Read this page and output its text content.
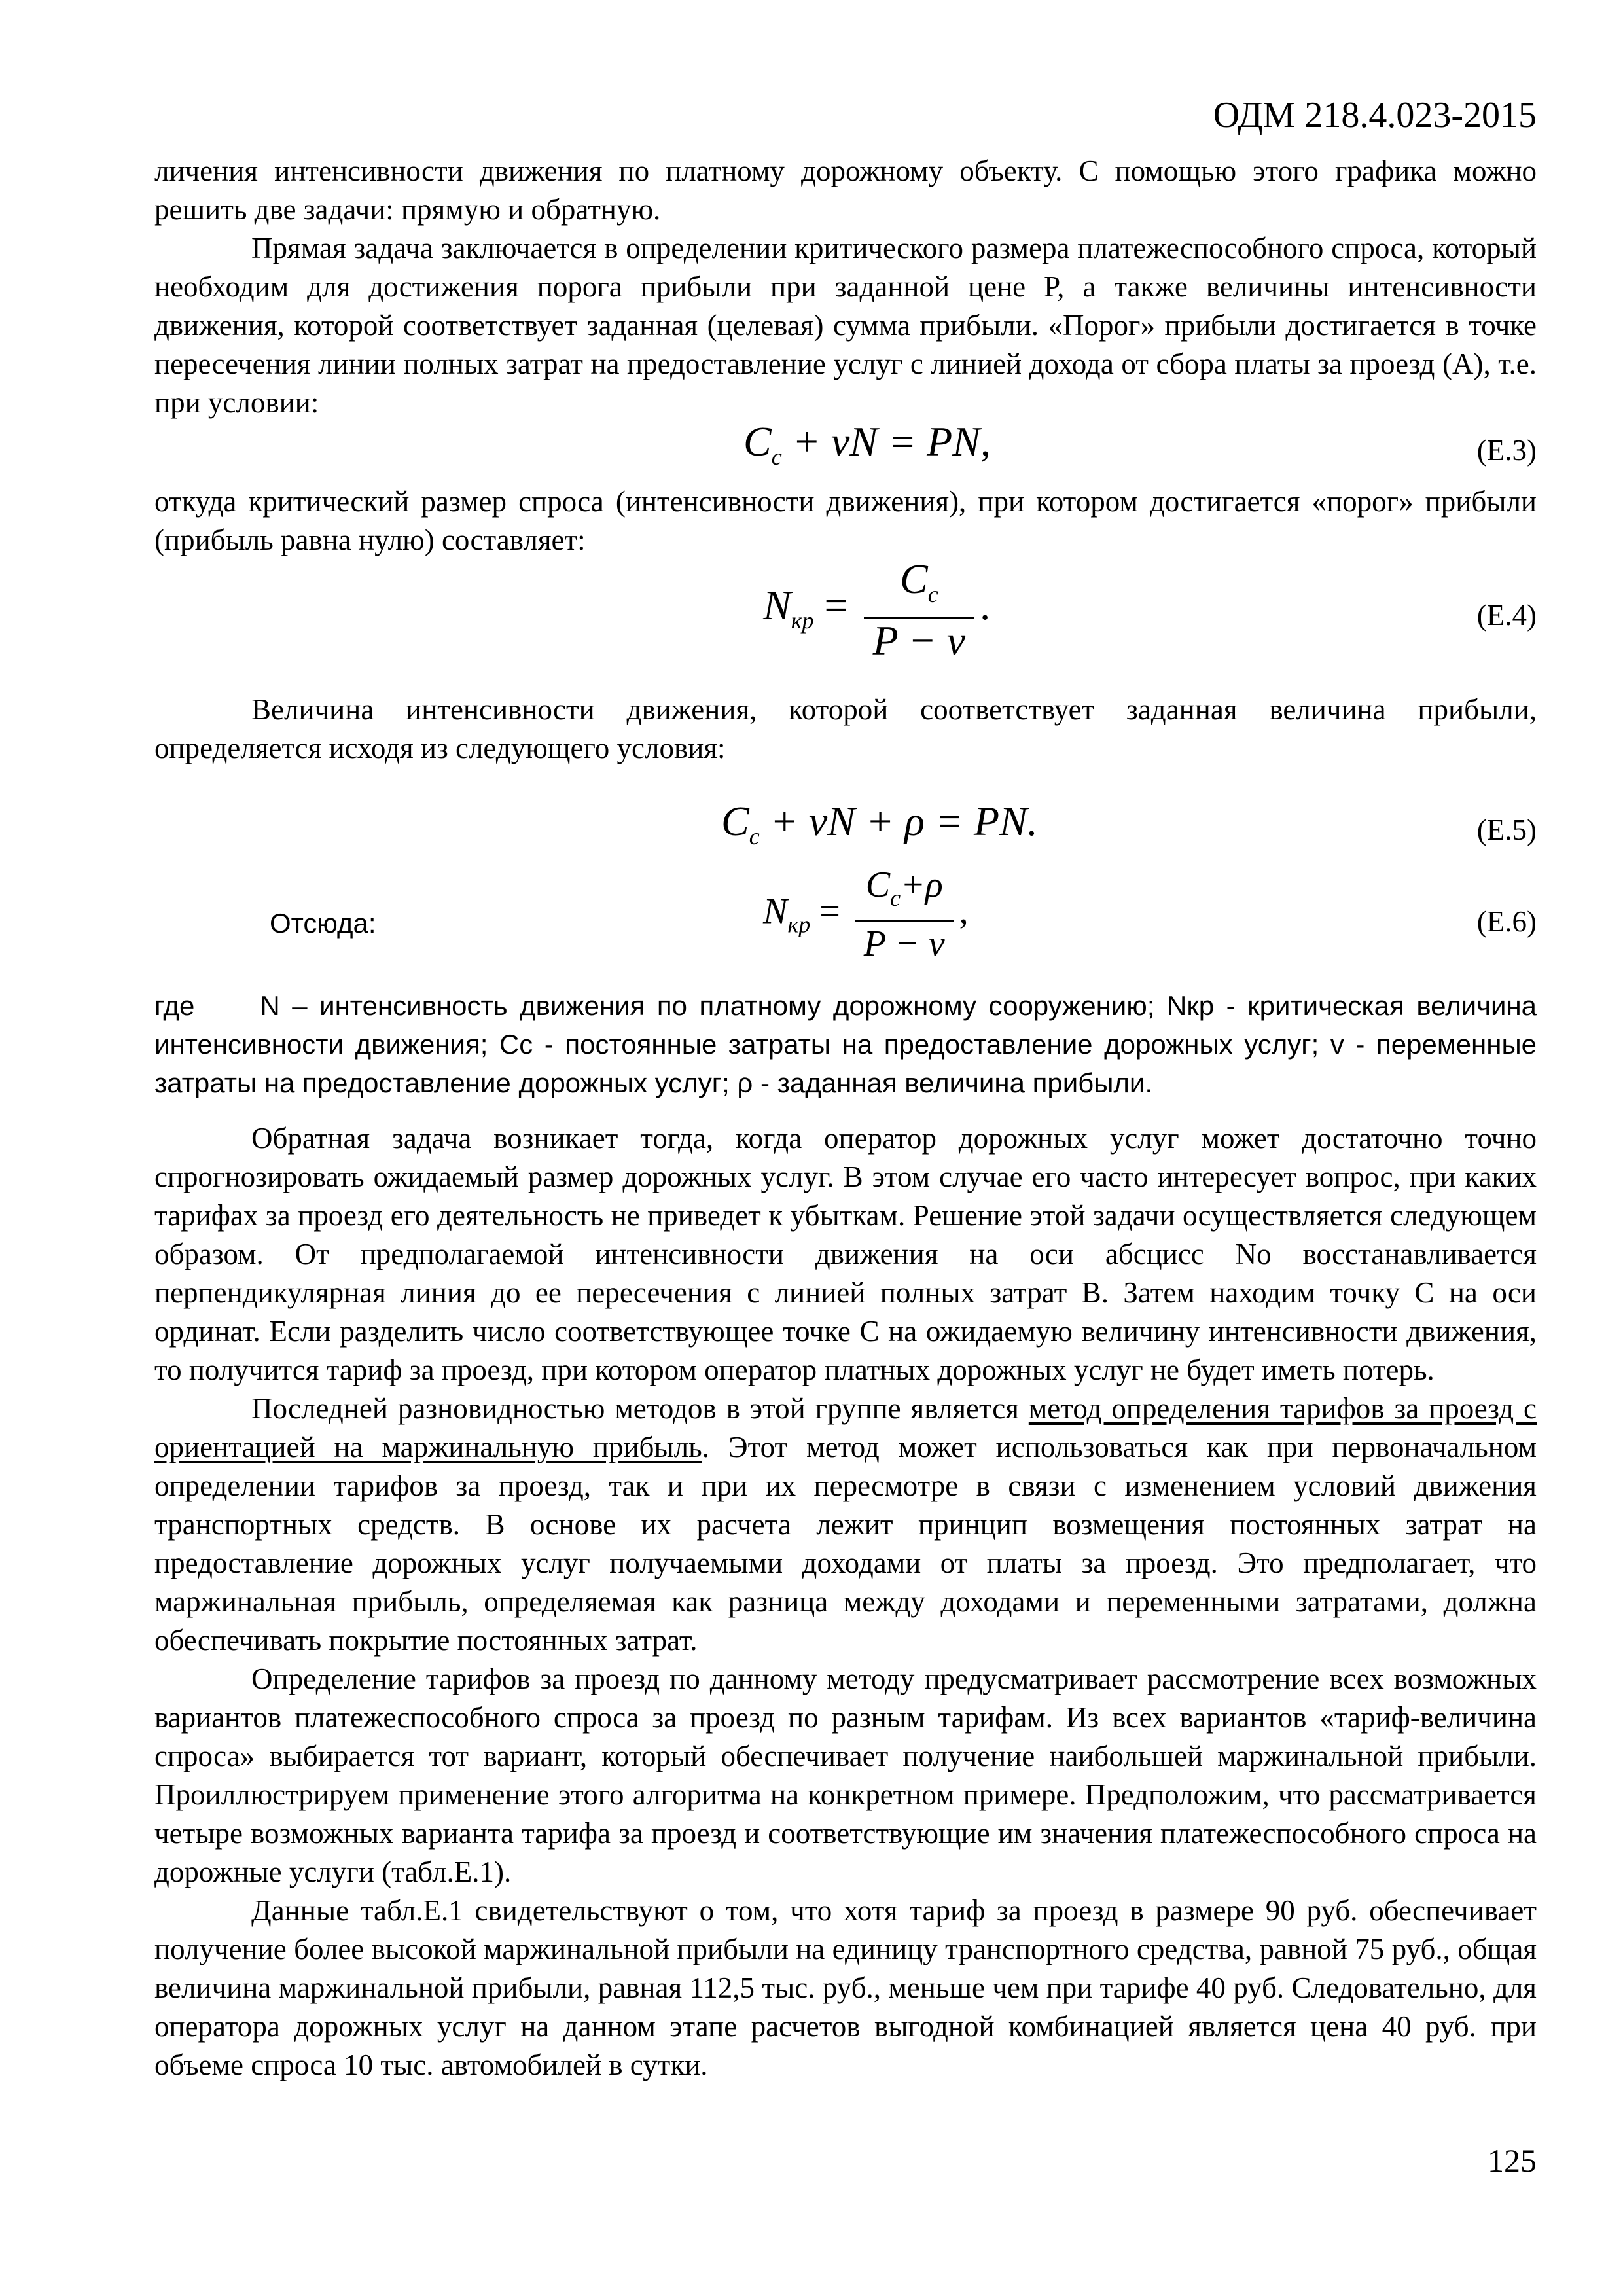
ОДМ 218.4.023-2015

личения интенсивности движения по платному дорожному объекту. С помощью этого графика можно решить две задачи: прямую и обратную.

Прямая задача заключается в определении критического размера платежеспособного спроса, который необходим для достижения порога прибыли при заданной цене P, а также величины интенсивности движения, которой соответствует заданная (целевая) сумма прибыли. «Порог» прибыли достигается в точке пересечения линии полных затрат на предоставление услуг с линией дохода от сбора платы за проезд (А), т.е. при условии:

$C_c$ + vN = PN,	(Е.3)

откуда критический размер спроса (интенсивности движения), при котором достигается «порог» прибыли (прибыль равна нулю) составляет:

$N_{кр} = \frac{C_c}{P - v}$ .	(Е.4)

Величина интенсивности движения, которой соответствует заданная величина прибыли, определяется исходя из следующего условия:

$C_c$ + vN + ρ = PN.	(Е.5)
Отсюда:	$N_{кр} = \frac{C_c+\rho}{P - v}$ ,	(Е.6)

где N – интенсивность движения по платному дорожному сооружению; Nкр - критическая величина интенсивности движения; Cс - постоянные затраты на предоставление дорожных услуг; v - переменные затраты на предоставление дорожных услуг; ρ - заданная величина прибыли.

Обратная задача возникает тогда, когда оператор дорожных услуг может достаточно точно спрогнозировать ожидаемый размер дорожных услуг. В этом случае его часто интересует вопрос, при каких тарифах за проезд его деятельность не приведет к убыткам. Решение этой задачи осуществляется следующем образом. От предполагаемой интенсивности движения на оси абсцисс No восстанавливается перпендикулярная линия до ее пересечения с линией полных затрат В. Затем находим точку С на оси ординат. Если разделить число соответствующее точке С на ожидаемую величину интенсивности движения, то получится тариф за проезд, при котором оператор платных дорожных услуг не будет иметь потерь.

Последней разновидностью методов в этой группе является метод определения тарифов за проезд с ориентацией на маржинальную прибыль. Этот метод может использоваться как при первоначальном определении тарифов за проезд, так и при их пересмотре в связи с изменением условий движения транспортных средств. В основе их расчета лежит принцип возмещения постоянных затрат на предоставление дорожных услуг получаемыми доходами от платы за проезд. Это предполагает, что маржинальная прибыль, определяемая как разница между доходами и переменными затратами, должна обеспечивать покрытие постоянных затрат.

Определение тарифов за проезд по данному методу предусматривает рассмотрение всех возможных вариантов платежеспособного спроса за проезд по разным тарифам. Из всех вариантов «тариф-величина спроса» выбирается тот вариант, который обеспечивает получение наибольшей маржинальной прибыли. Проиллюстрируем применение этого алгоритма на конкретном примере. Предположим, что рассматривается четыре возможных варианта тарифа за проезд и соответствующие им значения платежеспособного спроса на дорожные услуги (табл.Е.1).

Данные табл.Е.1 свидетельствуют о том, что хотя тариф за проезд в размере 90 руб. обеспечивает получение более высокой маржинальной прибыли на единицу транспортного средства, равной 75 руб., общая величина маржинальной прибыли, равная 112,5 тыс. руб., меньше чем при тарифе 40 руб. Следовательно, для оператора дорожных услуг на данном этапе расчетов выгодной комбинацией является цена 40 руб. при объеме спроса 10 тыс. автомобилей в сутки.

125
